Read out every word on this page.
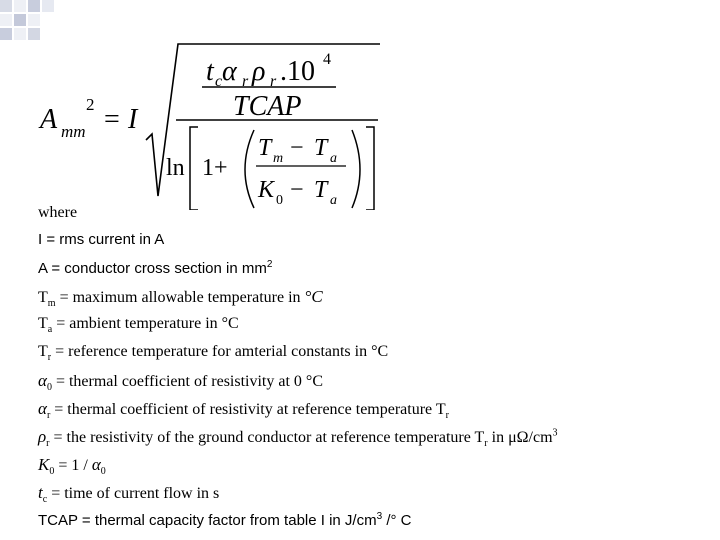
A mm
2 = I
t c α r ρ r .10 4
TCAP
ln 1+
T m − T a
K 0 − T a
where
I = rms current in A
A = conductor cross section in $mm^2$
$T_m$ = maximum allowable temperature in °C
$T_a$ = ambient temperature in °C
$T_r$ = reference temperature for amterial constants in °C
$\alpha_0$ = thermal coefficient of resistivity at 0 °C
$\alpha_r$ = thermal coefficient of resistivity at reference temperature $T_r$
$\rho_r$ = the resistivity of the ground conductor at reference temperature $T_r$ in $\mu\Omega/cm^3$
$K_0 = 1 / \alpha_0$
$t_c$ = time of current flow in s
TCAP = thermal capacity factor from table I in $J/cm^3$ /° C
